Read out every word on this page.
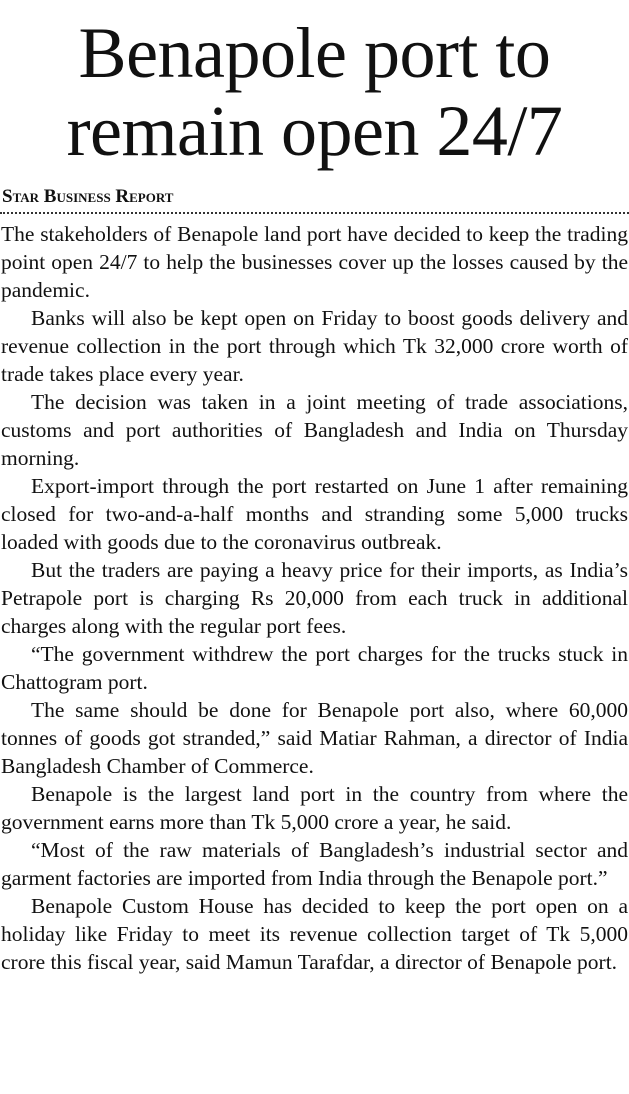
Benapole port to
remain open 24/7
Star Business Report

The stakeholders of Benapole land port have decided to keep the trading point open 24/7 to help the businesses cover up the losses caused by the pandemic.

Banks will also be kept open on Friday to boost goods delivery and revenue collection in the port through which Tk 32,000 crore worth of trade takes place every year.

The decision was taken in a joint meeting of trade associations, customs and port authorities of Bangladesh and India on Thursday morning.

Export-import through the port restarted on June 1 after remaining closed for two-and-a-half months and stranding some 5,000 trucks loaded with goods due to the coronavirus outbreak.

But the traders are paying a heavy price for their imports, as India’s Petrapole port is charging Rs 20,000 from each truck in additional charges along with the regular port fees.

“The government withdrew the port charges for the trucks stuck in Chattogram port.

The same should be done for Benapole port also, where 60,000 tonnes of goods got stranded,” said Matiar Rahman, a director of India Bangladesh Chamber of Commerce.

Benapole is the largest land port in the country from where the government earns more than Tk 5,000 crore a year, he said.

“Most of the raw materials of Bangladesh’s industrial sector and garment factories are imported from India through the Benapole port.”

Benapole Custom House has decided to keep the port open on a holiday like Friday to meet its revenue collection target of Tk 5,000 crore this fiscal year, said Mamun Tarafdar, a director of Benapole port.
